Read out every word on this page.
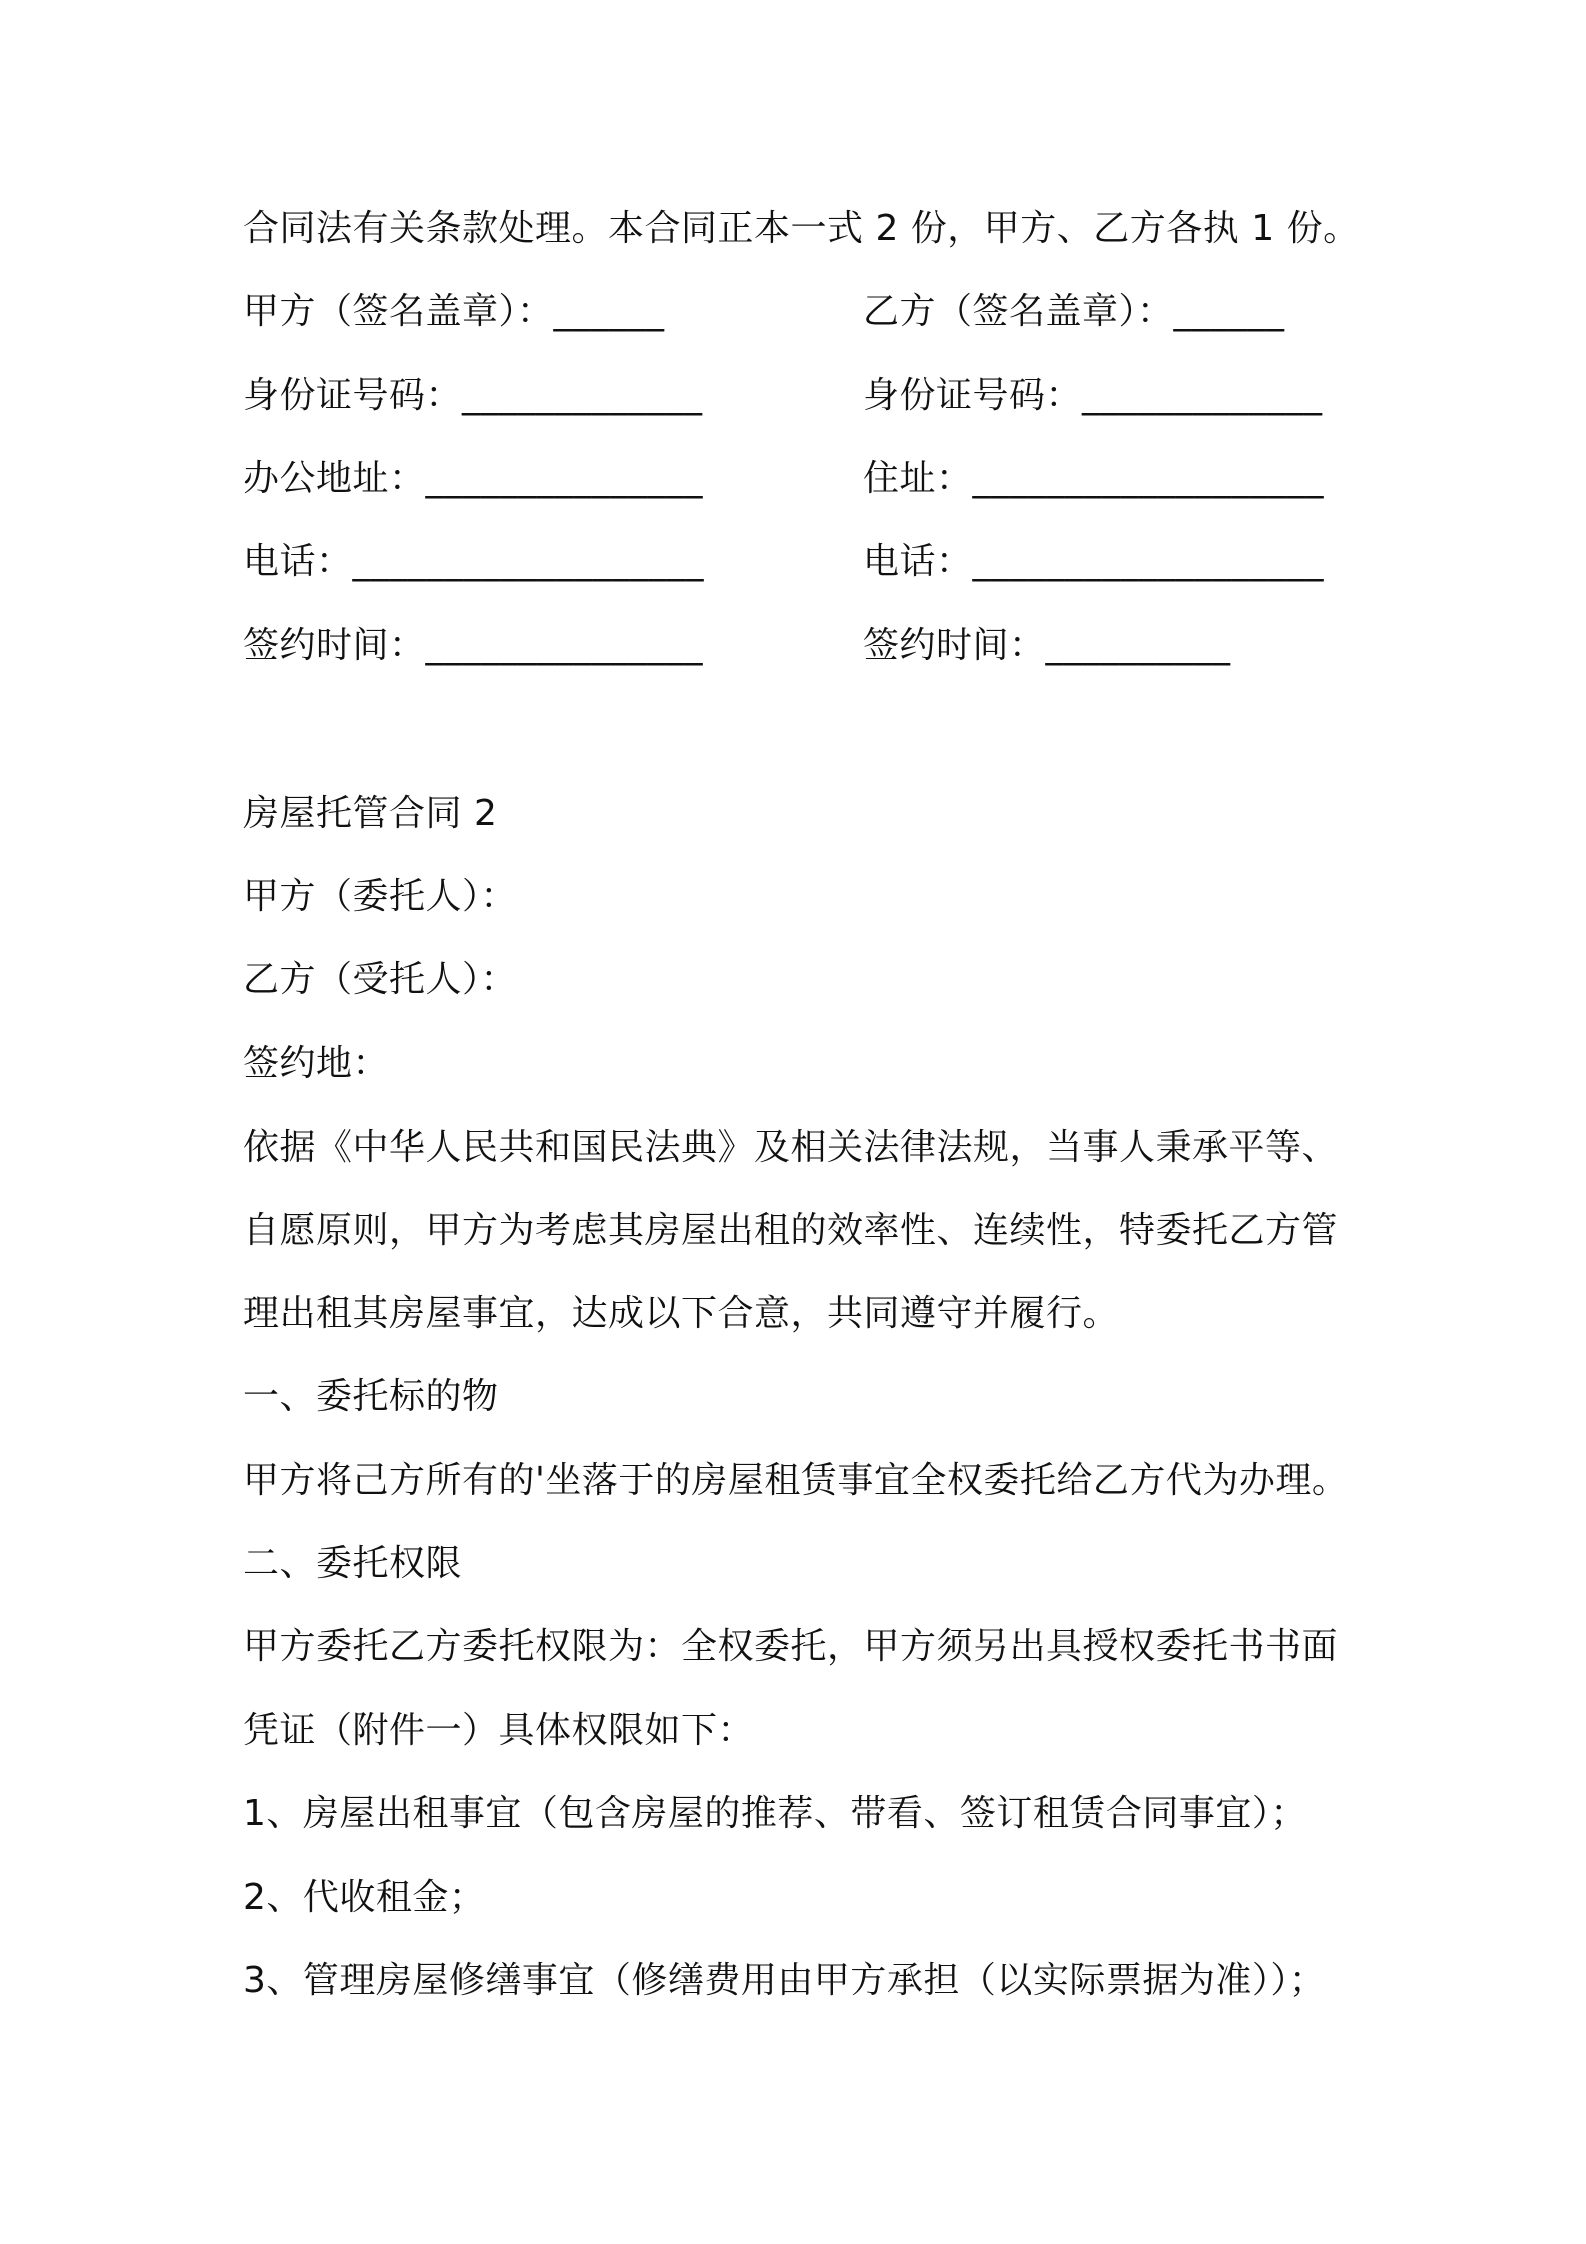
合同法有关条款处理。本合同正本一式 2 份，甲方、乙方各执 1 份。
甲方（签名盖章）：______	乙方（签名盖章）：______
身份证号码：_____________	身份证号码：_____________
办公地址：_______________	住址：___________________
电话：___________________	电话：___________________
签约时间：_______________	签约时间：__________
房屋托管合同 2
甲方（委托人）：
乙方（受托人）：
签约地：
依据《中华人民共和国民法典》及相关法律法规，当事人秉承平等、
自愿原则，甲方为考虑其房屋出租的效率性、连续性，特委托乙方管
理出租其房屋事宜，达成以下合意，共同遵守并履行。
一、委托标的物
甲方将己方所有的'坐落于的房屋租赁事宜全权委托给乙方代为办理。
二、委托权限
甲方委托乙方委托权限为：全权委托，甲方须另出具授权委托书书面
凭证（附件一）具体权限如下：
1、房屋出租事宜（包含房屋的推荐、带看、签订租赁合同事宜）；
2、代收租金；
3、管理房屋修缮事宜（修缮费用由甲方承担（以实际票据为准））；
